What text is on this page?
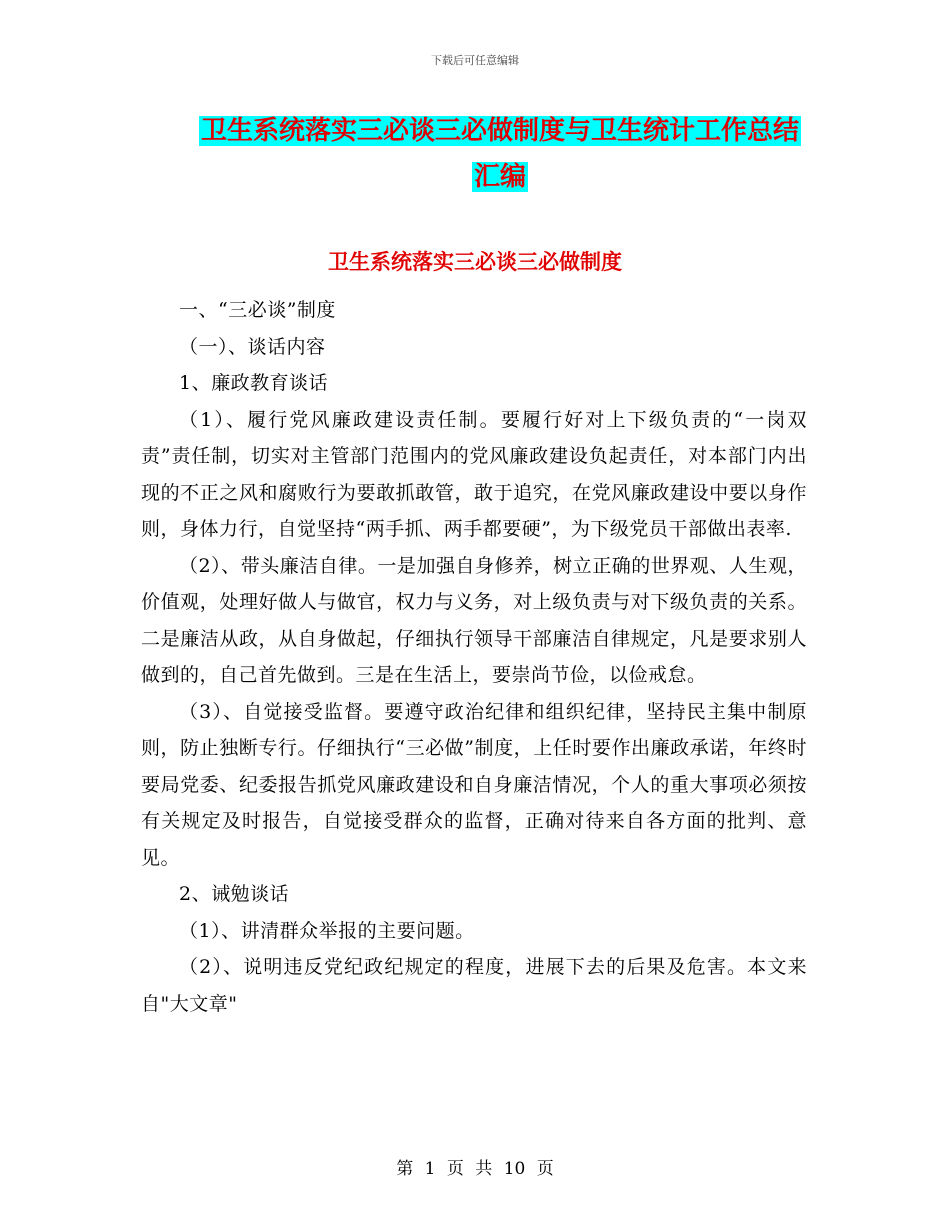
下载后可任意编辑
卫生系统落实三必谈三必做制度与卫生统计工作总结
汇编
卫生系统落实三必谈三必做制度

一、“三必谈”制度

（一）、谈话内容

1、廉政教育谈话

（1）、履行党风廉政建设责任制。要履行好对上下级负责的“一岗双责”责任制，切实对主管部门范围内的党风廉政建设负起责任，对本部门内出现的不正之风和腐败行为要敢抓敢管，敢于追究，在党风廉政建设中要以身作则，身体力行，自觉坚持“两手抓、两手都要硬”，为下级党员干部做出表率.

（2）、带头廉洁自律。一是加强自身修养，树立正确的世界观、人生观，价值观，处理好做人与做官，权力与义务，对上级负责与对下级负责的关系。二是廉洁从政，从自身做起，仔细执行领导干部廉洁自律规定，凡是要求别人做到的，自己首先做到。三是在生活上，要崇尚节俭，以俭戒怠。

（3）、自觉接受监督。要遵守政治纪律和组织纪律，坚持民主集中制原则，防止独断专行。仔细执行“三必做”制度，上任时要作出廉政承诺，年终时要局党委、纪委报告抓党风廉政建设和自身廉洁情况，个人的重大事项必须按有关规定及时报告，自觉接受群众的监督，正确对待来自各方面的批判、意见。

2、诫勉谈话

（1）、讲清群众举报的主要问题。

（2）、说明违反党纪政纪规定的程度，进展下去的后果及危害。本文来自"大文章"

第 1 页 共 10 页
